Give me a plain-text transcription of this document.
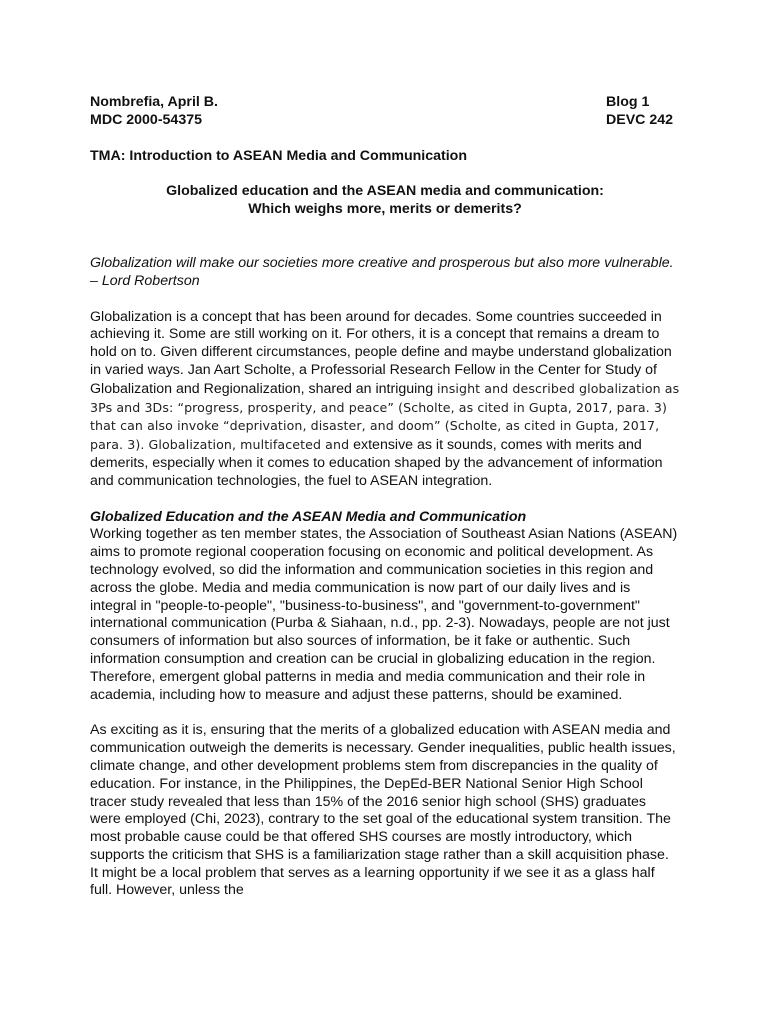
Nombrefia, April B.	Blog 1
MDC 2000-54375	DEVC 242
TMA: Introduction to ASEAN Media and Communication
Globalized education and the ASEAN media and communication:
Which weighs more, merits or demerits?
Globalization will make our societies more creative and prosperous but also more vulnerable. – Lord Robertson

Globalization is a concept that has been around for decades. Some countries succeeded in achieving it. Some are still working on it. For others, it is a concept that remains a dream to hold on to. Given different circumstances, people define and maybe understand globalization in varied ways. Jan Aart Scholte, a Professorial Research Fellow in the Center for Study of Globalization and Regionalization, shared an intriguing insight and described globalization as 3Ps and 3Ds: “progress, prosperity, and peace” (Scholte, as cited in Gupta, 2017, para. 3) that can also invoke “deprivation, disaster, and doom” (Scholte, as cited in Gupta, 2017, para. 3). Globalization, multifaceted and extensive as it sounds, comes with merits and demerits, especially when it comes to education shaped by the advancement of information and communication technologies, the fuel to ASEAN integration.

Globalized Education and the ASEAN Media and Communication

Working together as ten member states, the Association of Southeast Asian Nations (ASEAN) aims to promote regional cooperation focusing on economic and political development. As technology evolved, so did the information and communication societies in this region and across the globe. Media and media communication is now part of our daily lives and is integral in "people-to-people", "business-to-business", and "government-to-government" international communication (Purba & Siahaan, n.d., pp. 2-3). Nowadays, people are not just consumers of information but also sources of information, be it fake or authentic. Such information consumption and creation can be crucial in globalizing education in the region. Therefore, emergent global patterns in media and media communication and their role in academia, including how to measure and adjust these patterns, should be examined.

As exciting as it is, ensuring that the merits of a globalized education with ASEAN media and communication outweigh the demerits is necessary. Gender inequalities, public health issues, climate change, and other development problems stem from discrepancies in the quality of education. For instance, in the Philippines, the DepEd-BER National Senior High School tracer study revealed that less than 15% of the 2016 senior high school (SHS) graduates were employed (Chi, 2023), contrary to the set goal of the educational system transition. The most probable cause could be that offered SHS courses are mostly introductory, which supports the criticism that SHS is a familiarization stage rather than a skill acquisition phase. It might be a local problem that serves as a learning opportunity if we see it as a glass half full. However, unless the
